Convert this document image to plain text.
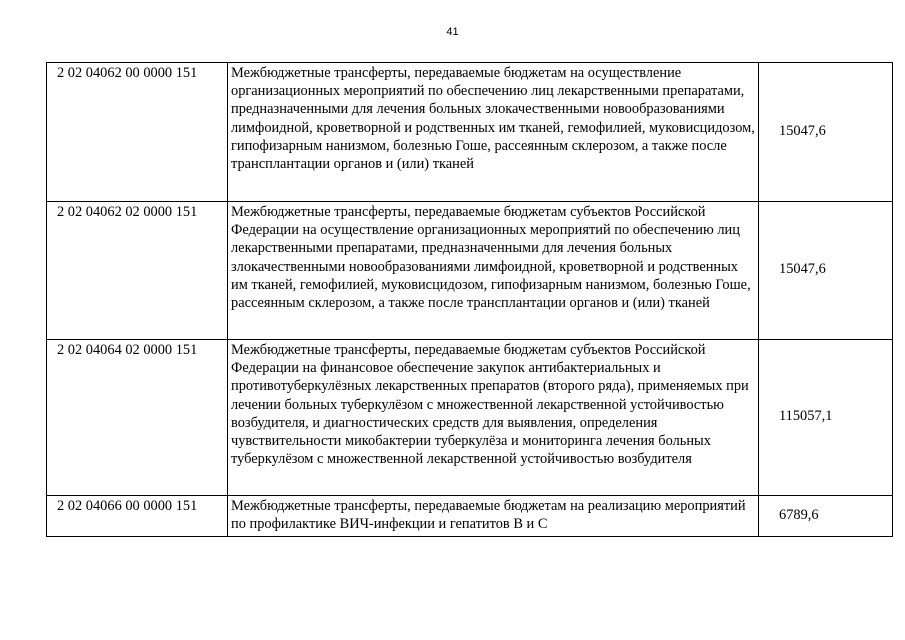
41
2 02 04062 00 0000 151	Межбюджетные трансферты, передаваемые бюджетам на осуществление организационных мероприятий по обеспечению лиц лекарственными препаратами, предназначенными для лечения больных злокачественными новообразованиями лимфоидной, кроветворной и родственных им тканей, гемофилией, муковисцидозом, гипофизарным нанизмом, болезнью Гоше, рассеянным склерозом, а также после трансплантации органов и (или) тканей	15047,6
2 02 04062 02 0000 151	Межбюджетные трансферты, передаваемые бюджетам субъектов Российской Федерации на осуществление организационных мероприятий по обеспечению лиц лекарственными препаратами, предназначенными для лечения больных злокачественными новообразованиями лимфоидной, кроветворной и родственных им тканей, гемофилией, муковисцидозом, гипофизарным нанизмом, болезнью Гоше, рассеянным склерозом, а также после трансплантации органов и (или) тканей	15047,6
2 02 04064 02 0000 151	Межбюджетные трансферты, передаваемые бюджетам субъектов Российской Федерации на финансовое обеспечение закупок антибактериальных и противотуберкулёзных лекарственных препаратов (второго ряда), применяемых при лечении больных туберкулёзом с множественной лекарственной устойчивостью возбудителя, и диагностических средств для выявления, определения чувствительности микобактерии туберкулёза и мониторинга лечения больных туберкулёзом с множественной лекарственной устойчивостью возбудителя	115057,1
2 02 04066 00 0000 151	Межбюджетные трансферты, передаваемые бюджетам на реализацию мероприятий по профилактике ВИЧ-инфекции и гепатитов В и С	6789,6
